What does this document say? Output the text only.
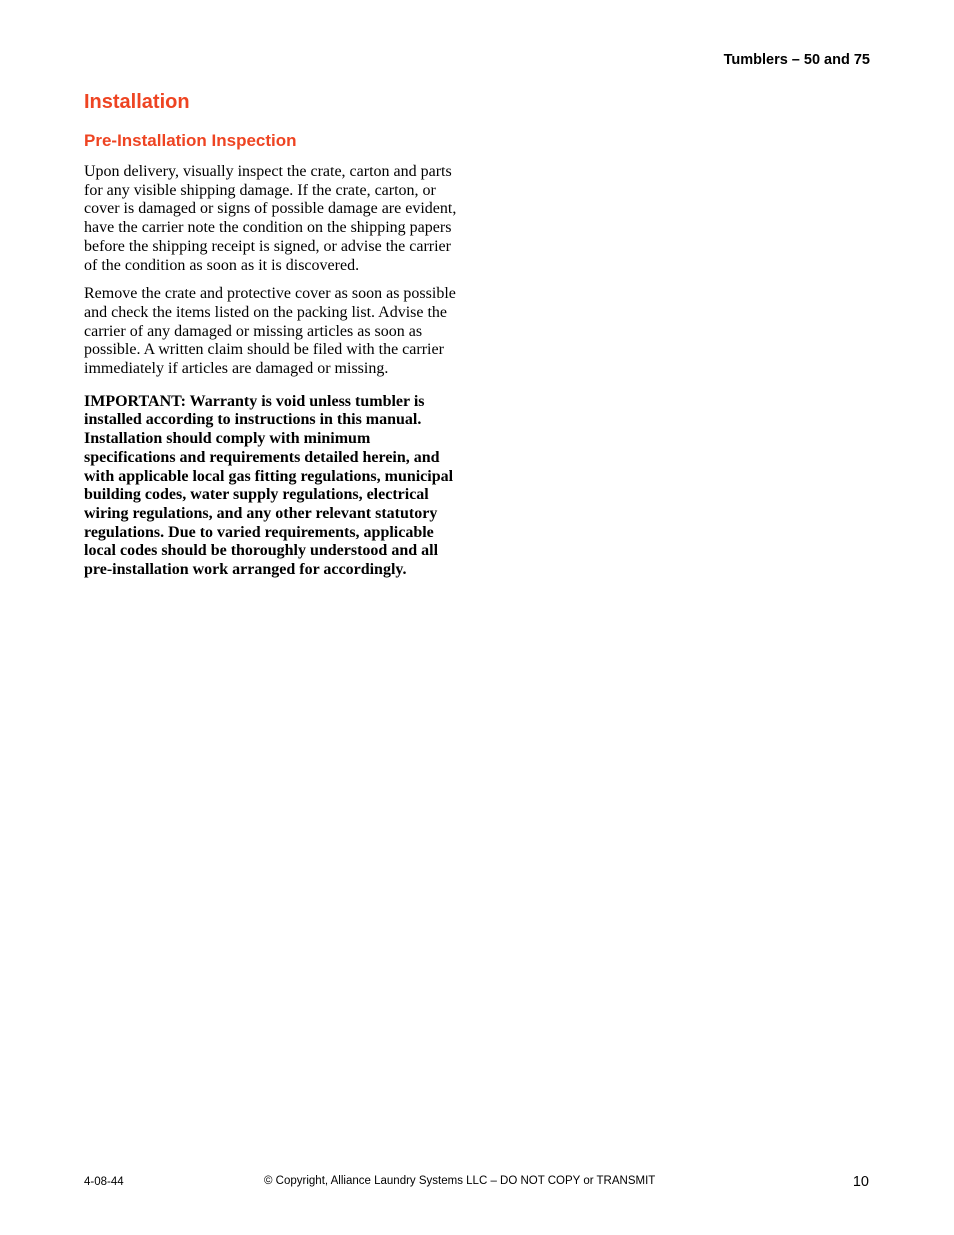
Tumblers – 50 and 75

Installation
Pre-Installation Inspection

Upon delivery, visually inspect the crate, carton and parts for any visible shipping damage. If the crate, carton, or cover is damaged or signs of possible damage are evident, have the carrier note the condition on the shipping papers before the shipping receipt is signed, or advise the carrier of the condition as soon as it is discovered.

Remove the crate and protective cover as soon as possible and check the items listed on the packing list. Advise the carrier of any damaged or missing articles as soon as possible. A written claim should be filed with the carrier immediately if articles are damaged or missing.

IMPORTANT: Warranty is void unless tumbler is installed according to instructions in this manual. Installation should comply with minimum specifications and requirements detailed herein, and with applicable local gas fitting regulations, municipal building codes, water supply regulations, electrical wiring regulations, and any other relevant statutory regulations. Due to varied requirements, applicable local codes should be thoroughly understood and all pre-installation work arranged for accordingly.

4-08-44	© Copyright, Alliance Laundry Systems LLC – DO NOT COPY or TRANSMIT	10
